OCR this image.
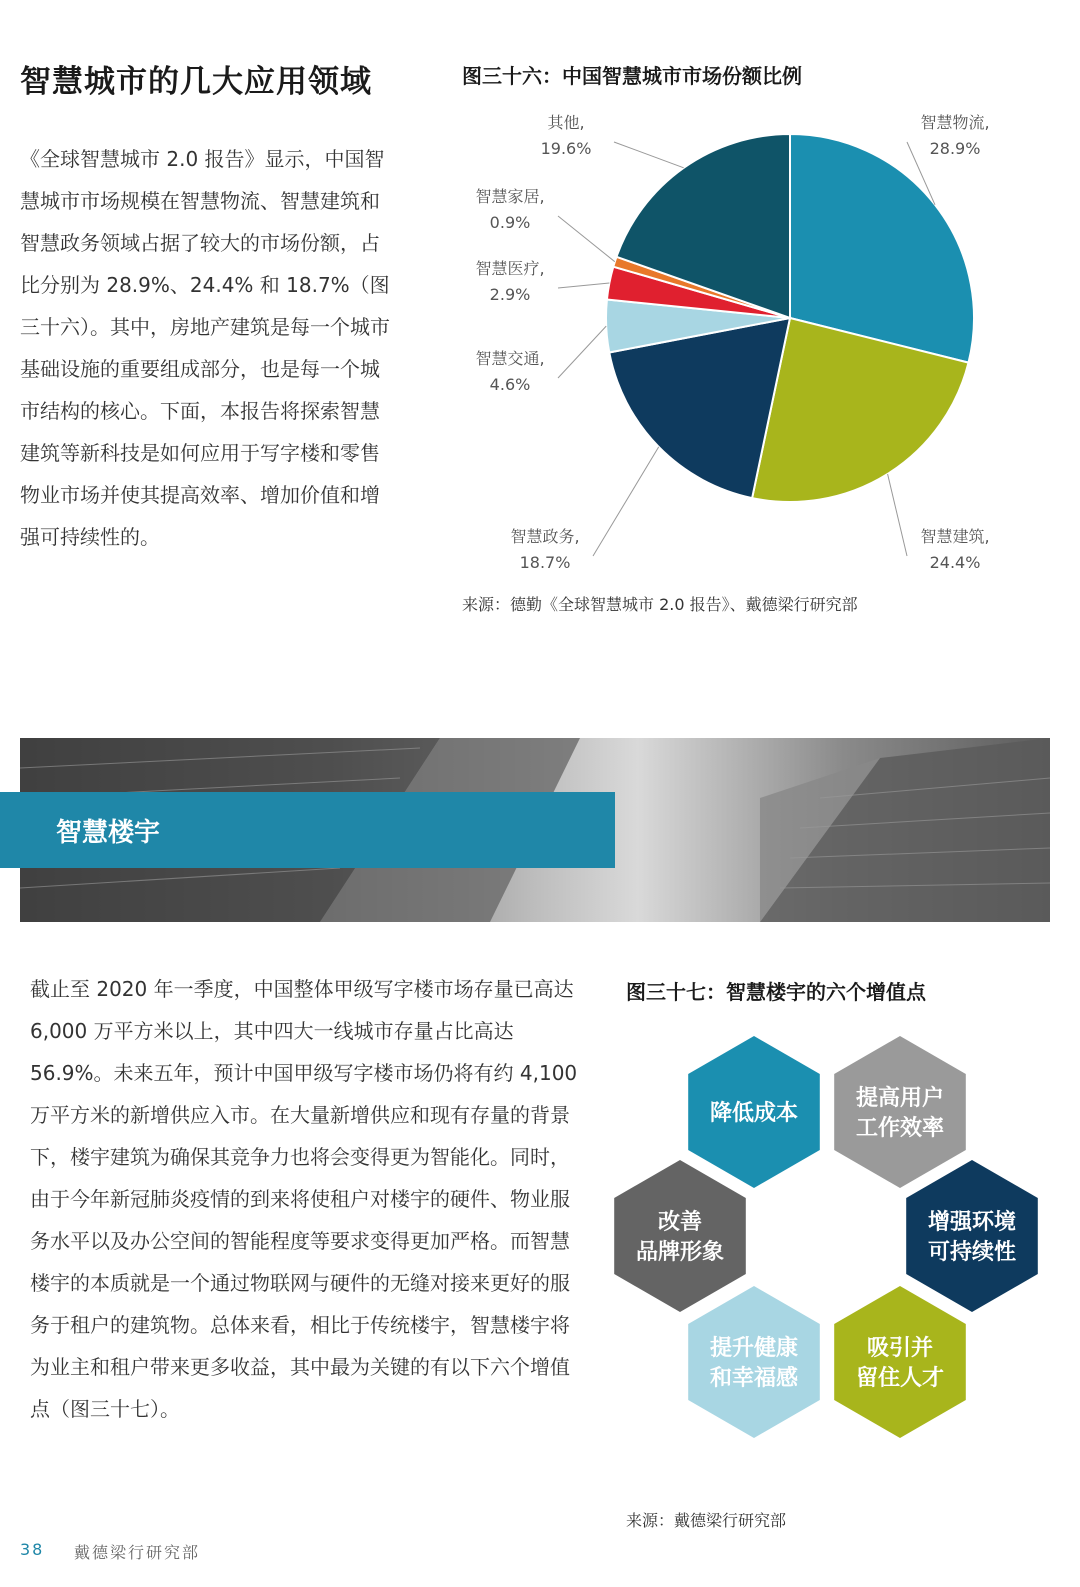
智慧城市的几大应用领域

《全球智慧城市 2.0 报告》显示，中国智慧城市市场规模在智慧物流、智慧建筑和智慧政务领域占据了较大的市场份额，占比分别为 28.9%、24.4% 和 18.7%（图三十六）。其中，房地产建筑是每一个城市基础设施的重要组成部分，也是每一个城市结构的核心。下面，本报告将探索智慧建筑等新科技是如何应用于写字楼和零售物业市场并使其提高效率、增加价值和增强可持续性的。

图三十六：中国智慧城市市场份额比例
智慧物流,
28.9%
智慧建筑,
24.4%
智慧政务,
18.7%
智慧交通,
4.6%
智慧医疗,
2.9%
智慧家居,
0.9%
其他,
19.6%
来源：德勤《全球智慧城市 2.0 报告》、戴德梁行研究部
智慧楼宇

截止至 2020 年一季度，中国整体甲级写字楼市场存量已高达 6,000 万平方米以上，其中四大一线城市存量占比高达 56.9%。未来五年，预计中国甲级写字楼市场仍将有约 4,100 万平方米的新增供应入市。在大量新增供应和现有存量的背景下，楼宇建筑为确保其竞争力也将会变得更为智能化。同时，由于今年新冠肺炎疫情的到来将使租户对楼宇的硬件、物业服务水平以及办公空间的智能程度等要求变得更加严格。而智慧楼宇的本质就是一个通过物联网与硬件的无缝对接来更好的服务于租户的建筑物。总体来看，相比于传统楼宇，智慧楼宇将为业主和租户带来更多收益，其中最为关键的有以下六个增值点（图三十七）。

图三十七：智慧楼宇的六个增值点
降低成本
提高用户
工作效率
增强环境
可持续性
吸引并
留住人才
提升健康
和幸福感
改善
品牌形象
来源：戴德梁行研究部
38 戴德梁行研究部
